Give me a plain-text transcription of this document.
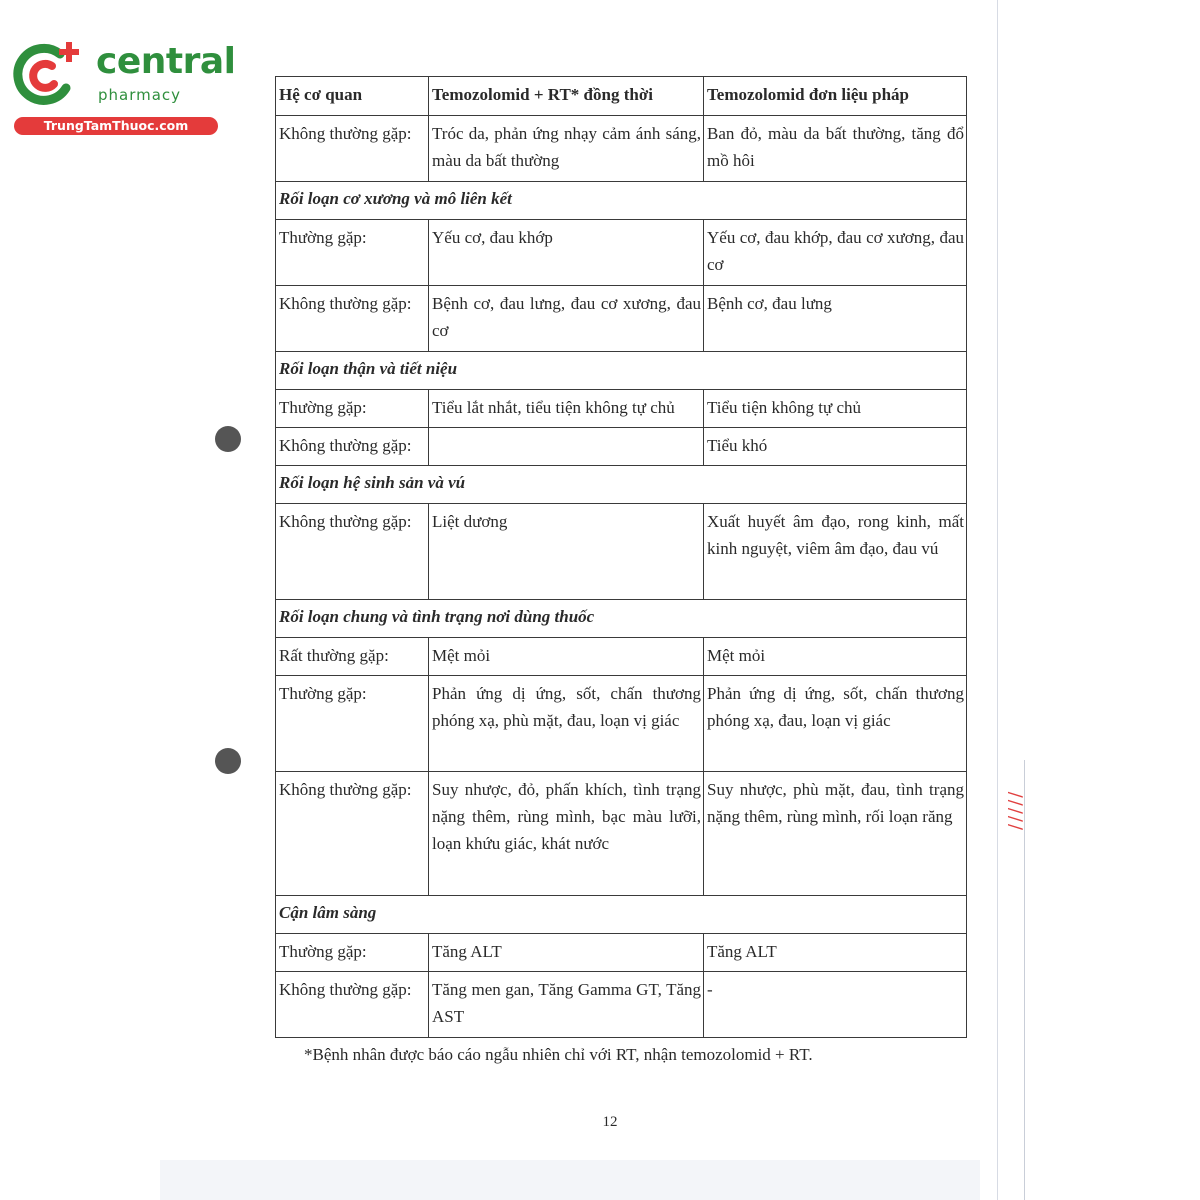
central
pharmacy
TrungTamThuoc.com
/////
Hệ cơ quan	Temozolomid + RT* đồng thời	Temozolomid đơn liệu pháp
Không thường gặp:	Tróc da, phản ứng nhạy cảm ánh sáng, màu da bất thường	Ban đỏ, màu da bất thường, tăng đổ mồ hôi
Rối loạn cơ xương và mô liên kết		
Thường gặp:	Yếu cơ, đau khớp	Yếu cơ, đau khớp, đau cơ xương, đau cơ
Không thường gặp:	Bệnh cơ, đau lưng, đau cơ xương, đau cơ	Bệnh cơ, đau lưng
Rối loạn thận và tiết niệu		
Thường gặp:	Tiểu lắt nhắt, tiểu tiện không tự chủ	Tiểu tiện không tự chủ
Không thường gặp:		Tiểu khó
Rối loạn hệ sinh sản và vú		
Không thường gặp:	Liệt dương	Xuất huyết âm đạo, rong kinh, mất kinh nguyệt, viêm âm đạo, đau vú
Rối loạn chung và tình trạng nơi dùng thuốc		
Rất thường gặp:	Mệt mỏi	Mệt mỏi
Thường gặp:	Phản ứng dị ứng, sốt, chấn thương phóng xạ, phù mặt, đau, loạn vị giác	Phản ứng dị ứng, sốt, chấn thương phóng xạ, đau, loạn vị giác
Không thường gặp:	Suy nhược, đỏ, phấn khích, tình trạng nặng thêm, rùng mình, bạc màu lưỡi, loạn khứu giác, khát nước	Suy nhược, phù mặt, đau, tình trạng nặng thêm, rùng mình, rối loạn răng
Cận lâm sàng		
Thường gặp:	Tăng ALT	Tăng ALT
Không thường gặp:	Tăng men gan, Tăng Gamma GT, Tăng AST	-
*Bệnh nhân được báo cáo ngẫu nhiên chỉ với RT, nhận temozolomid + RT.
12
